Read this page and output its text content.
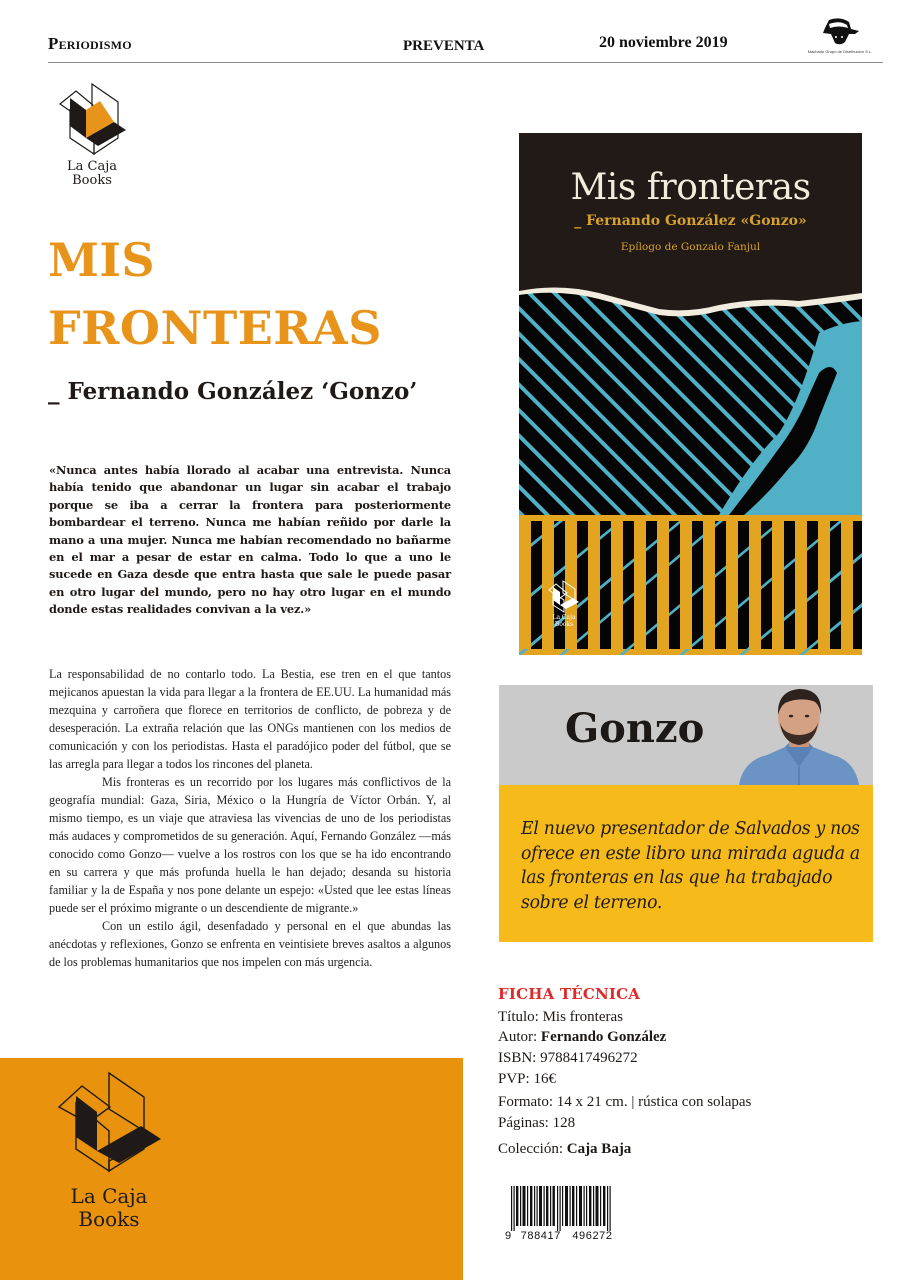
Periodismo	PREVENTA	20 noviembre 2019
Machado Grupo de Distribución S.L.
La Caja
Books
MIS
FRONTERAS
_ Fernando González ‘Gonzo’
«Nunca antes había llorado al acabar una entrevista. Nunca había tenido que abandonar un lugar sin acabar el trabajo porque se iba a cerrar la frontera para posteriormente bombardear el terreno. Nunca me habían reñido por darle la mano a una mujer. Nunca me habían recomendado no bañarme en el mar a pesar de estar en calma. Todo lo que a uno le sucede en Gaza desde que entra hasta que sale le puede pasar en otro lugar del mundo, pero no hay otro lugar en el mundo donde estas realidades convivan a la vez.»

La responsabilidad de no contarlo todo. La Bestia, ese tren en el que tantos mejicanos apuestan la vida para llegar a la frontera de EE.UU. La humanidad más mezquina y carroñera que florece en territorios de conflicto, de pobreza y de desesperación. La extraña relación que las ONGs mantienen con los medios de comunicación y con los periodistas. Hasta el paradójico poder del fútbol, que se las arregla para llegar a todos los rincones del planeta.

Mis fronteras es un recorrido por los lugares más conflictivos de la geografía mundial: Gaza, Siria, México o la Hungría de Víctor Orbán. Y, al mismo tiempo, es un viaje que atraviesa las vivencias de uno de los periodistas más audaces y comprometidos de su generación. Aquí, Fernando González —más conocido como Gonzo— vuelve a los rostros con los que se ha ido encontrando en su carrera y que más profunda huella le han dejado; desanda su historia familiar y la de España y nos pone delante un espejo: «Usted que lee estas líneas puede ser el próximo migrante o un descendiente de migrante.»

Con un estilo ágil, desenfadado y personal en el que abundas las anécdotas y reflexiones, Gonzo se enfrenta en veintisiete breves asaltos a algunos de los problemas humanitarios que nos impelen con más urgencia.

La Caja
Books
Mis fronteras
_ Fernando González «Gonzo»
Epílogo de Gonzalo Fanjul
La Caja
Books
Gonzo
El nuevo presentador de Salvados y nos ofrece en este libro una mirada aguda a las fronteras en las que ha trabajado sobre el terreno.
FICHA TÉCNICA
Título: Mis fronteras
Autor: Fernando González
ISBN: 9788417496272
PVP: 16€
Formato: 14 x 21 cm. | rústica con solapas
Páginas: 128
Colección: Caja Baja
9 788417 496272
